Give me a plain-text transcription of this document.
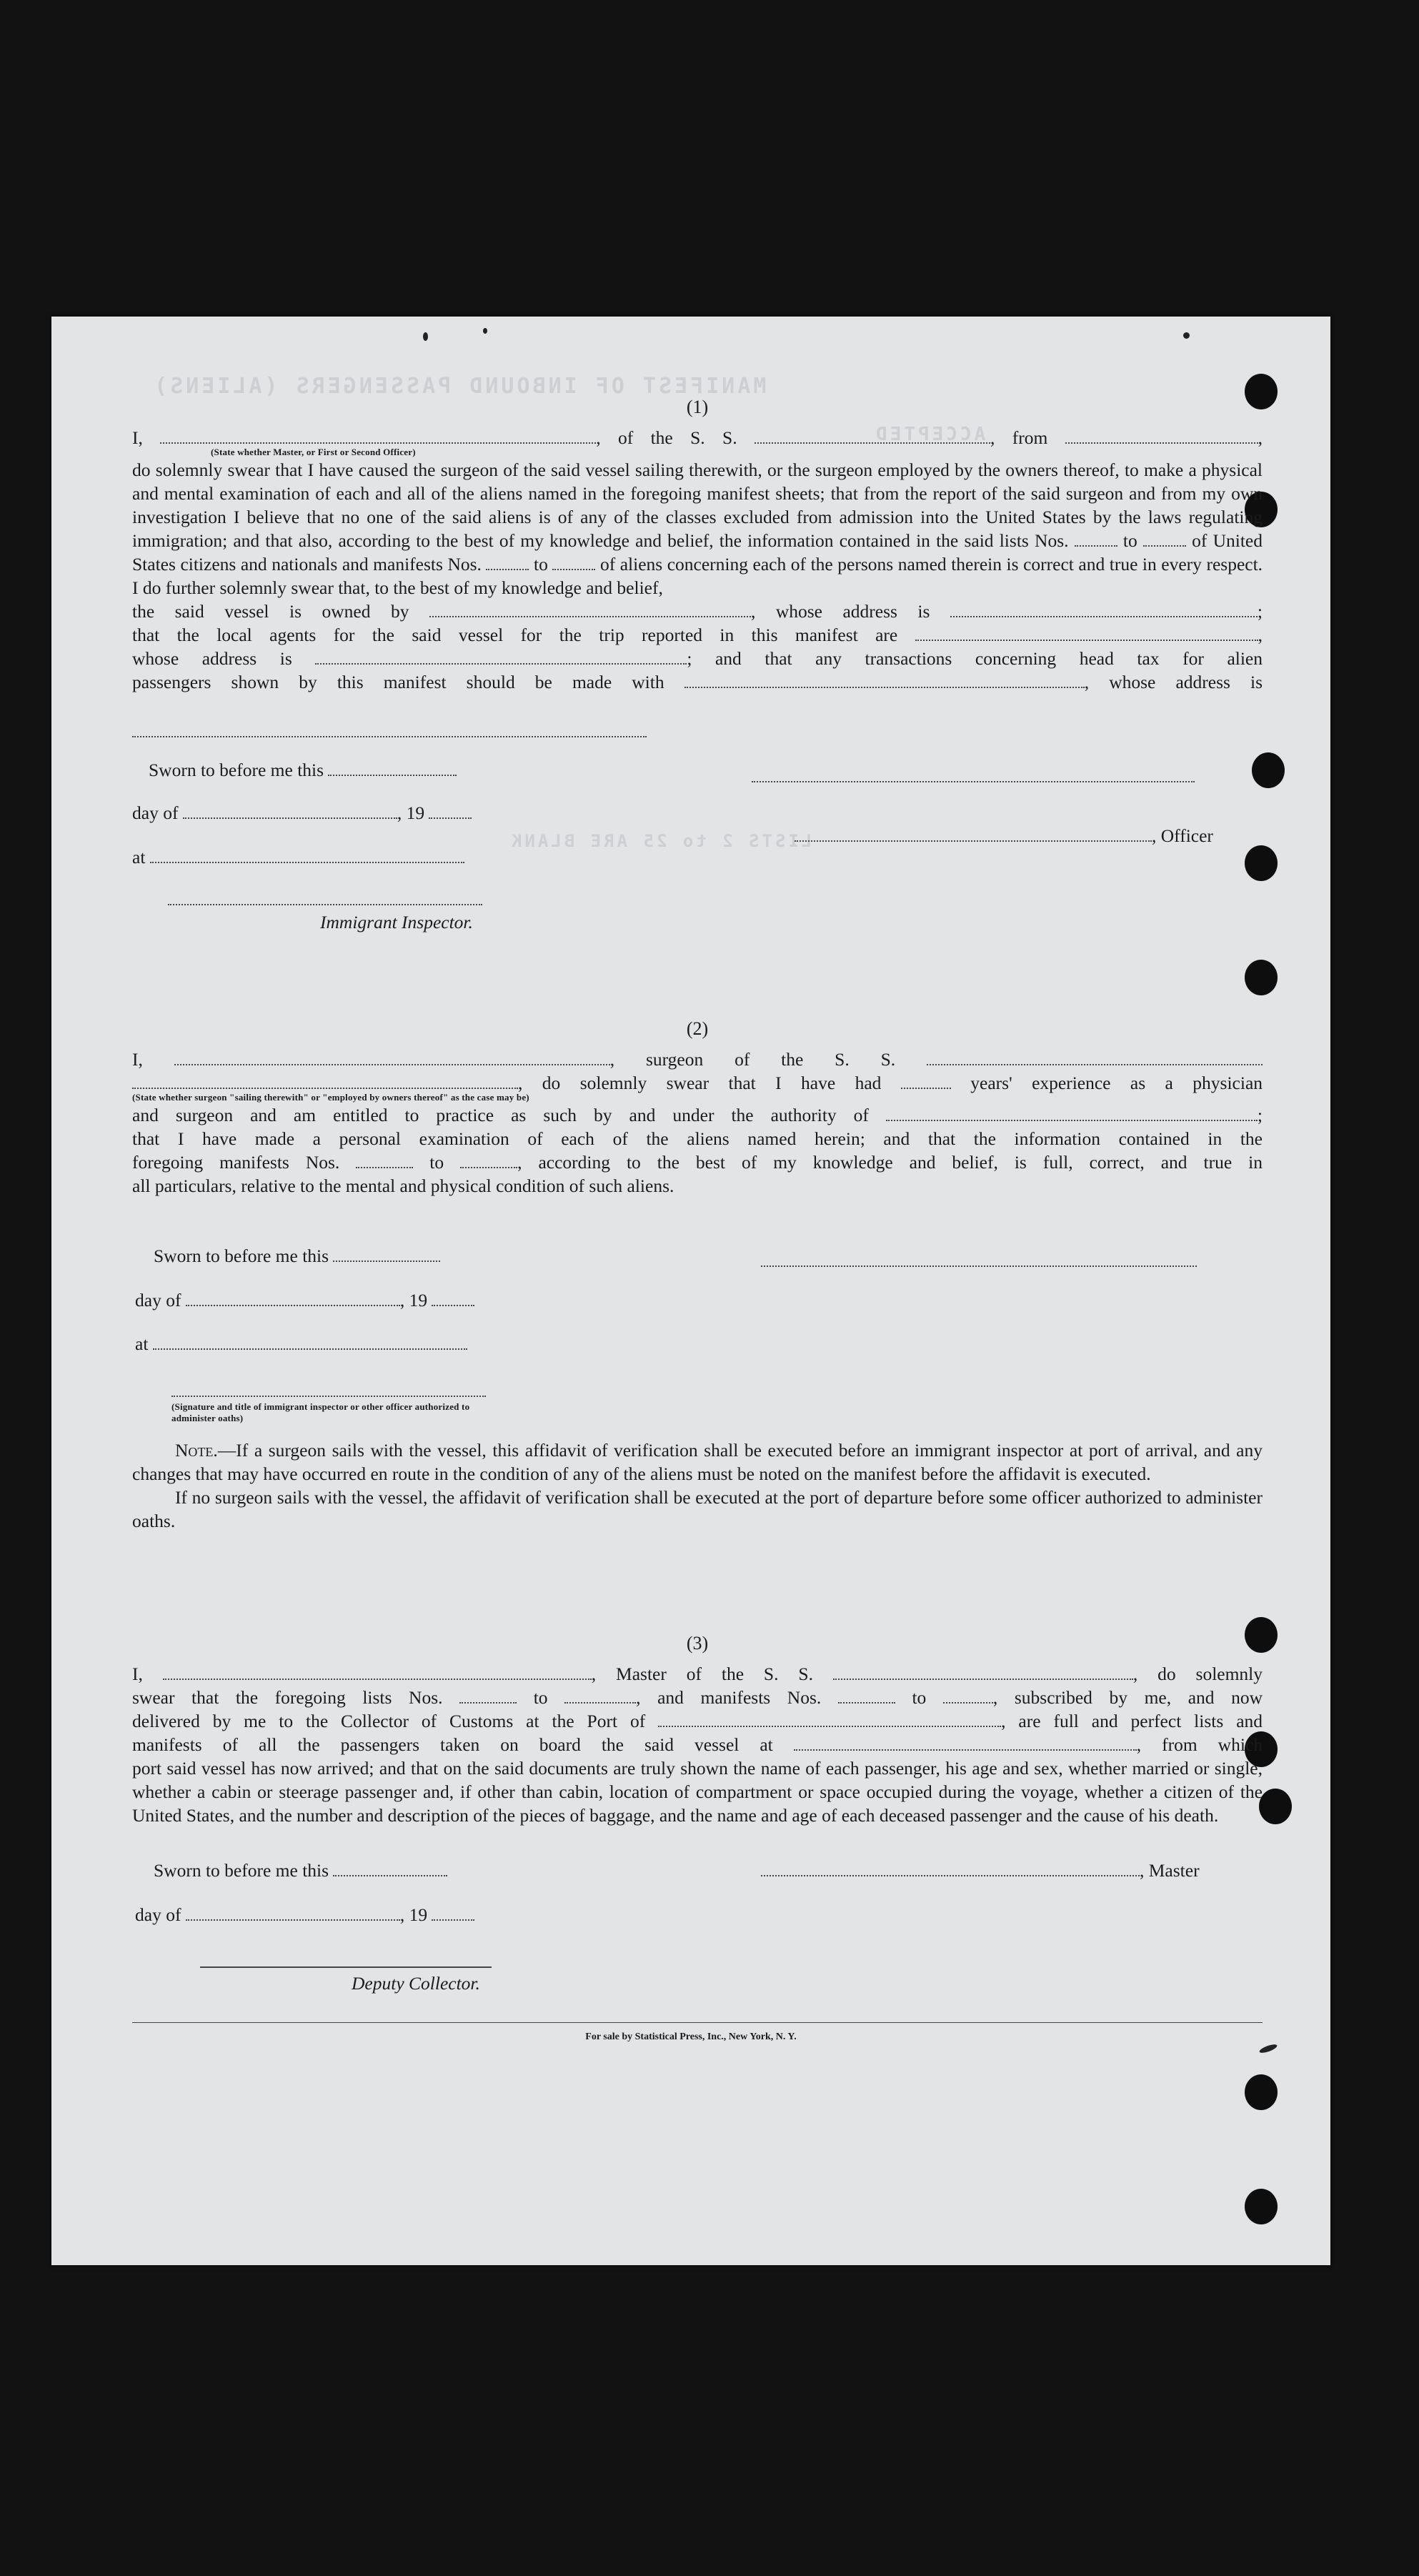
MANIFEST OF INBOUND PASSENGERS (ALIENS)
ACCEPTED
LISTS 2 to 25 ARE BLANK
(1)
I,	, of the S. S.	, from	,
(State whether Master, or First or Second Officer)
do solemnly swear that I have caused the surgeon of the said vessel sailing therewith, or the surgeon employed by the owners thereof, to make a physical and mental examination of each and all of the aliens named in the foregoing manifest sheets; that from the report of the said surgeon and from my own investigation I believe that no one of the said aliens is of any of the classes excluded from admission into the United States by the laws regulating immigration; and that also, according to the best of my knowledge and belief, the information contained in the said lists Nos.	to	of United States citizens and nationals and manifests Nos.	to	of aliens concerning each of the persons named therein is correct and true in every respect. I do further solemnly swear that, to the best of my knowledge and belief,
the said vessel is owned by	, whose address is	;
that the local agents for the said vessel for the trip reported in this manifest are	,
whose address is	; and that any transactions concerning head tax for alien
passengers shown by this manifest should be made with	, whose address is
Sworn to before me this
day of	, 19
, Officer
at
Immigrant Inspector.
(2)
I,	, surgeon of the S. S.
, do solemnly swear that I have had	years' experience as a physician
(State whether surgeon "sailing therewith" or "employed by owners thereof" as the case may be)
and surgeon and am entitled to practice as such by and under the authority of	;
that I have made a personal examination of each of the aliens named herein; and that the information contained in the
foregoing manifests Nos.	to	, according to the best of my knowledge and belief, is full, correct, and true in
all particulars, relative to the mental and physical condition of such aliens.
Sworn to before me this
day of	, 19
at
(Signature and title of immigrant inspector or other officer authorized to administer oaths)
Note.—If a surgeon sails with the vessel, this affidavit of verification shall be executed before an immigrant inspector at port of arrival, and any changes that may have occurred en route in the condition of any of the aliens must be noted on the manifest before the affidavit is executed.
If no surgeon sails with the vessel, the affidavit of verification shall be executed at the port of departure before some officer authorized to administer oaths.
(3)
I,	, Master of the S. S.	, do solemnly
swear that the foregoing lists Nos.	to	, and manifests Nos.	to	, subscribed by me, and now
delivered by me to the Collector of Customs at the Port of	, are full and perfect lists and
manifests of all the passengers taken on board the said vessel at	, from which
port said vessel has now arrived; and that on the said documents are truly shown the name of each passenger, his age and sex, whether married or single, whether a cabin or steerage passenger and, if other than cabin, location of compartment or space occupied during the voyage, whether a citizen of the United States, and the number and description of the pieces of baggage, and the name and age of each deceased passenger and the cause of his death.
Sworn to before me this	, Master
day of	, 19
Deputy Collector.
For sale by Statistical Press, Inc., New York, N. Y.
